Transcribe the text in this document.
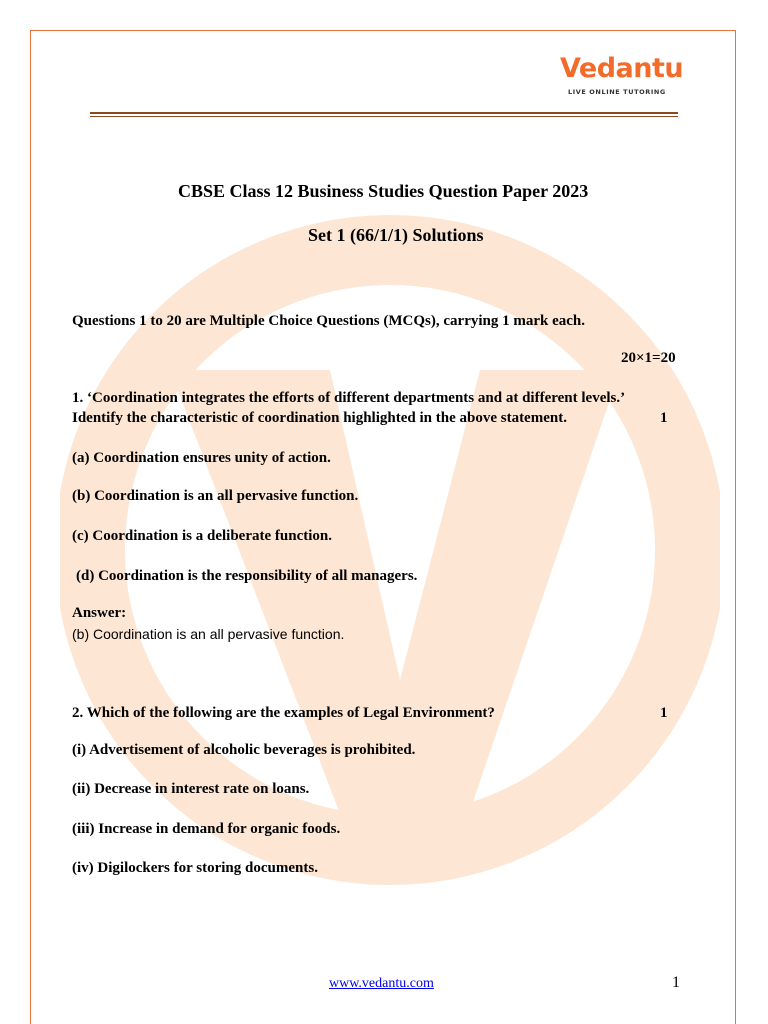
Vedantu
LIVE ONLINE TUTORING
CBSE Class 12 Business Studies Question Paper 2023
Set 1 (66/1/1) Solutions
Questions 1 to 20 are Multiple Choice Questions (MCQs), carrying 1 mark each.
20×1=20
1. ‘Coordination integrates the efforts of different departments and at different levels.’
Identify the characteristic of coordination highlighted in the above statement.	1
(a) Coordination ensures unity of action.
(b) Coordination is an all pervasive function.
(c) Coordination is a deliberate function.
(d) Coordination is the responsibility of all managers.
Answer:
(b) Coordination is an all pervasive function.
2. Which of the following are the examples of Legal Environment?	1
(i) Advertisement of alcoholic beverages is prohibited.
(ii) Decrease in interest rate on loans.
(iii) Increase in demand for organic foods.
(iv) Digilockers for storing documents.
www.vedantu.com	1
